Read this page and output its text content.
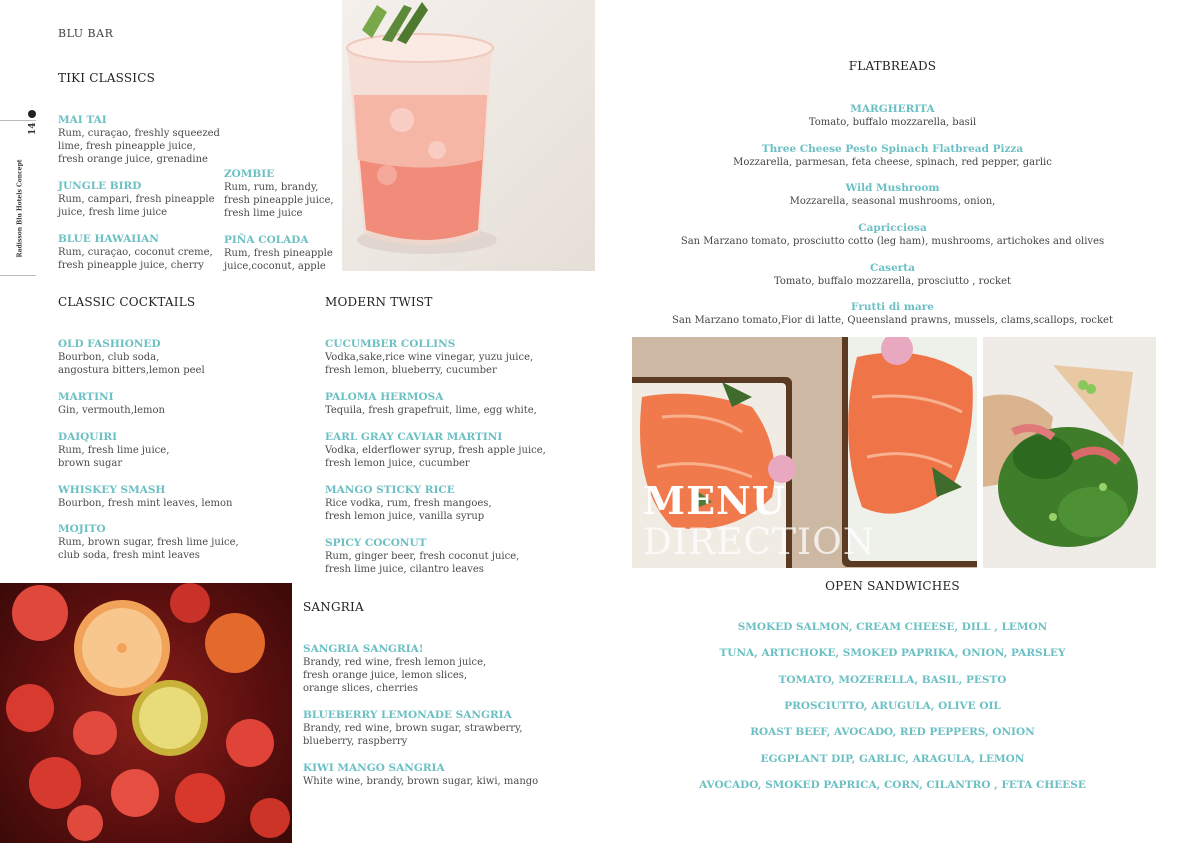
14
Radisson Blu Hotels Concept
BLU BAR
TIKI CLASSICS
MAI TAI
Rum, curaçao, freshly squeezed
lime, fresh pineapple juice,
fresh orange juice, grenadine
JUNGLE BIRD
Rum, campari, fresh pineapple
juice, fresh lime juice
BLUE HAWAIIAN
Rum, curaçao, coconut creme,
fresh pineapple juice, cherry
ZOMBIE
Rum, rum, brandy,
fresh pineapple juice,
fresh lime juice
PIÑA COLADA
Rum, fresh pineapple
juice,coconut, apple
CLASSIC COCKTAILS
OLD FASHIONED
Bourbon, club soda,
angostura bitters,lemon peel
MARTINI
Gin, vermouth,lemon
DAIQUIRI
Rum, fresh lime juice,
brown sugar
WHISKEY SMASH
Bourbon, fresh mint leaves, lemon
MOJITO
Rum, brown sugar, fresh lime juice,
club soda, fresh mint leaves
MODERN TWIST
CUCUMBER COLLINS
Vodka,sake,rice wine vinegar, yuzu juice,
fresh lemon, blueberry, cucumber
PALOMA HERMOSA
Tequila, fresh grapefruit, lime, egg white,
EARL GRAY CAVIAR MARTINI
Vodka, elderflower syrup, fresh apple juice,
fresh lemon juice, cucumber
MANGO STICKY RICE
Rice vodka, rum, fresh mangoes,
fresh lemon juice, vanilla syrup
SPICY COCONUT
Rum, ginger beer, fresh coconut juice,
fresh lime juice, cilantro leaves
SANGRIA
SANGRIA SANGRIA!
Brandy, red wine, fresh lemon juice,
fresh orange juice, lemon slices,
orange slices, cherries
BLUEBERRY LEMONADE SANGRIA
Brandy, red wine, brown sugar, strawberry,
blueberry, raspberry
KIWI MANGO SANGRIA
White wine, brandy, brown sugar, kiwi, mango
FLATBREADS
MARGHERITA
Tomato, buffalo mozzarella, basil
Three Cheese Pesto Spinach Flatbread Pizza
Mozzarella, parmesan, feta cheese, spinach, red pepper, garlic
Wild Mushroom
Mozzarella, seasonal mushrooms, onion,
Capricciosa
San Marzano tomato, prosciutto cotto (leg ham), mushrooms, artichokes and olives
Caserta
Tomato, buffalo mozzarella, prosciutto , rocket
Frutti di mare
San Marzano tomato,Fior di latte, Queensland prawns, mussels, clams,scallops, rocket
MENU
DIRECTION
OPEN SANDWICHES
SMOKED SALMON, CREAM CHEESE, DILL , LEMON
TUNA, ARTICHOKE, SMOKED PAPRIKA, ONION, PARSLEY
TOMATO, MOZERELLA, BASIL, PESTO
PROSCIUTTO, ARUGULA, OLIVE OIL
ROAST BEEF, AVOCADO, RED PEPPERS, ONION
EGGPLANT DIP, GARLIC, ARAGULA, LEMON
AVOCADO, SMOKED PAPRICA, CORN, CILANTRO , FETA CHEESE
